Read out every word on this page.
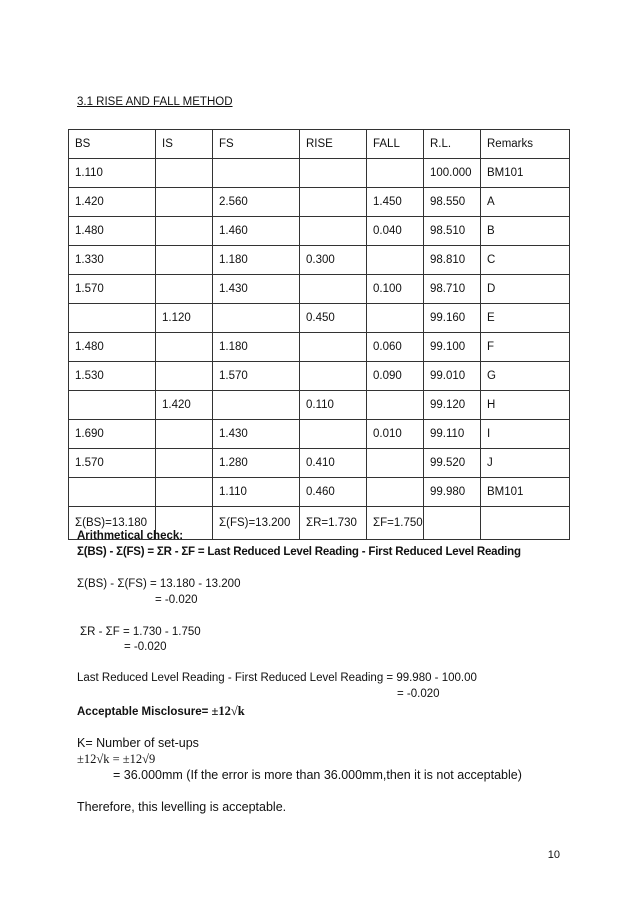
3.1 RISE AND FALL METHOD
BS	IS	FS	RISE	FALL	R.L.	Remarks
1.110					100.000	BM101
1.420		2.560		1.450	98.550	A
1.480		1.460		0.040	98.510	B
1.330		1.180	0.300		98.810	C
1.570		1.430		0.100	98.710	D
	1.120		0.450		99.160	E
1.480		1.180		0.060	99.100	F
1.530		1.570		0.090	99.010	G
	1.420		0.110		99.120	H
1.690		1.430		0.010	99.110	I
1.570		1.280	0.410		99.520	J
		1.110	0.460		99.980	BM101
Σ(BS)=13.180		Σ(FS)=13.200	ΣR=1.730	ΣF=1.750		
Arithmetical check:
Σ(BS) - Σ(FS) = ΣR - ΣF = Last Reduced Level Reading - First Reduced Level Reading
Σ(BS) - Σ(FS) = 13.180 - 13.200
= -0.020
ΣR - ΣF = 1.730 - 1.750
= -0.020
Last Reduced Level Reading - First Reduced Level Reading = 99.980 - 100.00
= -0.020
Acceptable Misclosure= ±12√k
K= Number of set-ups
±12√k = ±12√9
= 36.000mm (If the error is more than 36.000mm,then it is not acceptable)
Therefore, this levelling is acceptable.
10
